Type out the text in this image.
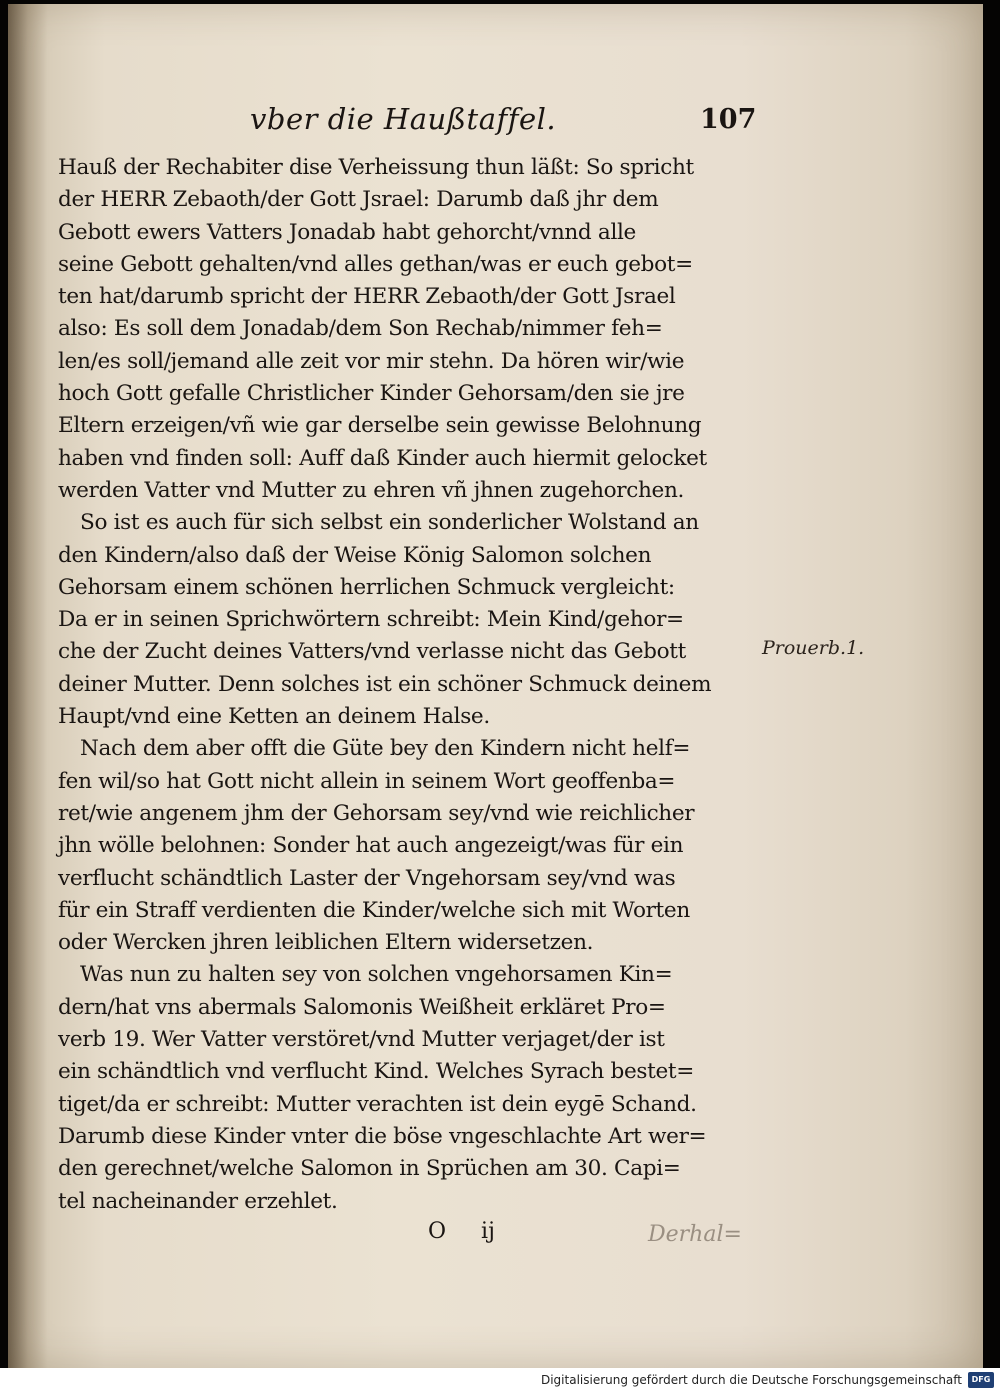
vber die Haußtaffel.	107
Hauß der Rechabiter dise Verheissung thun läßt: So spricht
der HERR Zebaoth/der Gott Jsrael: Darumb daß jhr dem
Gebott ewers Vatters Jonadab habt gehorcht/vnnd alle
seine Gebott gehalten/vnd alles gethan/was er euch gebot=
ten hat/darumb spricht der HERR Zebaoth/der Gott Jsrael
also: Es soll dem Jonadab/dem Son Rechab/nimmer feh=
len/es soll/jemand alle zeit vor mir stehn. Da hören wir/wie
hoch Gott gefalle Christlicher Kinder Gehorsam/den sie jre
Eltern erzeigen/vñ wie gar derselbe sein gewisse Belohnung
haben vnd finden soll: Auff daß Kinder auch hiermit gelocket
werden Vatter vnd Mutter zu ehren vñ jhnen zugehorchen.
So ist es auch für sich selbst ein sonderlicher Wolstand an
den Kindern/also daß der Weise König Salomon solchen
Gehorsam einem schönen herrlichen Schmuck vergleicht:
Da er in seinen Sprichwörtern schreibt: Mein Kind/gehor=
che der Zucht deines Vatters/vnd verlasse nicht das Gebott
deiner Mutter. Denn solches ist ein schöner Schmuck deinem
Haupt/vnd eine Ketten an deinem Halse.
Nach dem aber offt die Güte bey den Kindern nicht helf=
fen wil/so hat Gott nicht allein in seinem Wort geoffenba=
ret/wie angenem jhm der Gehorsam sey/vnd wie reichlicher
jhn wölle belohnen: Sonder hat auch angezeigt/was für ein
verflucht schändtlich Laster der Vngehorsam sey/vnd was
für ein Straff verdienten die Kinder/welche sich mit Worten
oder Wercken jhren leiblichen Eltern widersetzen.
Was nun zu halten sey von solchen vngehorsamen Kin=
dern/hat vns abermals Salomonis Weißheit erkläret Pro=
verb 19. Wer Vatter verstöret/vnd Mutter verjaget/der ist
ein schändtlich vnd verflucht Kind. Welches Syrach bestet=
tiget/da er schreibt: Mutter verachten ist dein eygē Schand.
Darumb diese Kinder vnter die böse vngeschlachte Art wer=
den gerechnet/welche Salomon in Sprüchen am 30. Capi=
tel nacheinander erzehlet.
Prouerb.1.
O ij	Derhal=
Digitalisierung gefördert durch die Deutsche Forschungsgemeinschaft	DFG
